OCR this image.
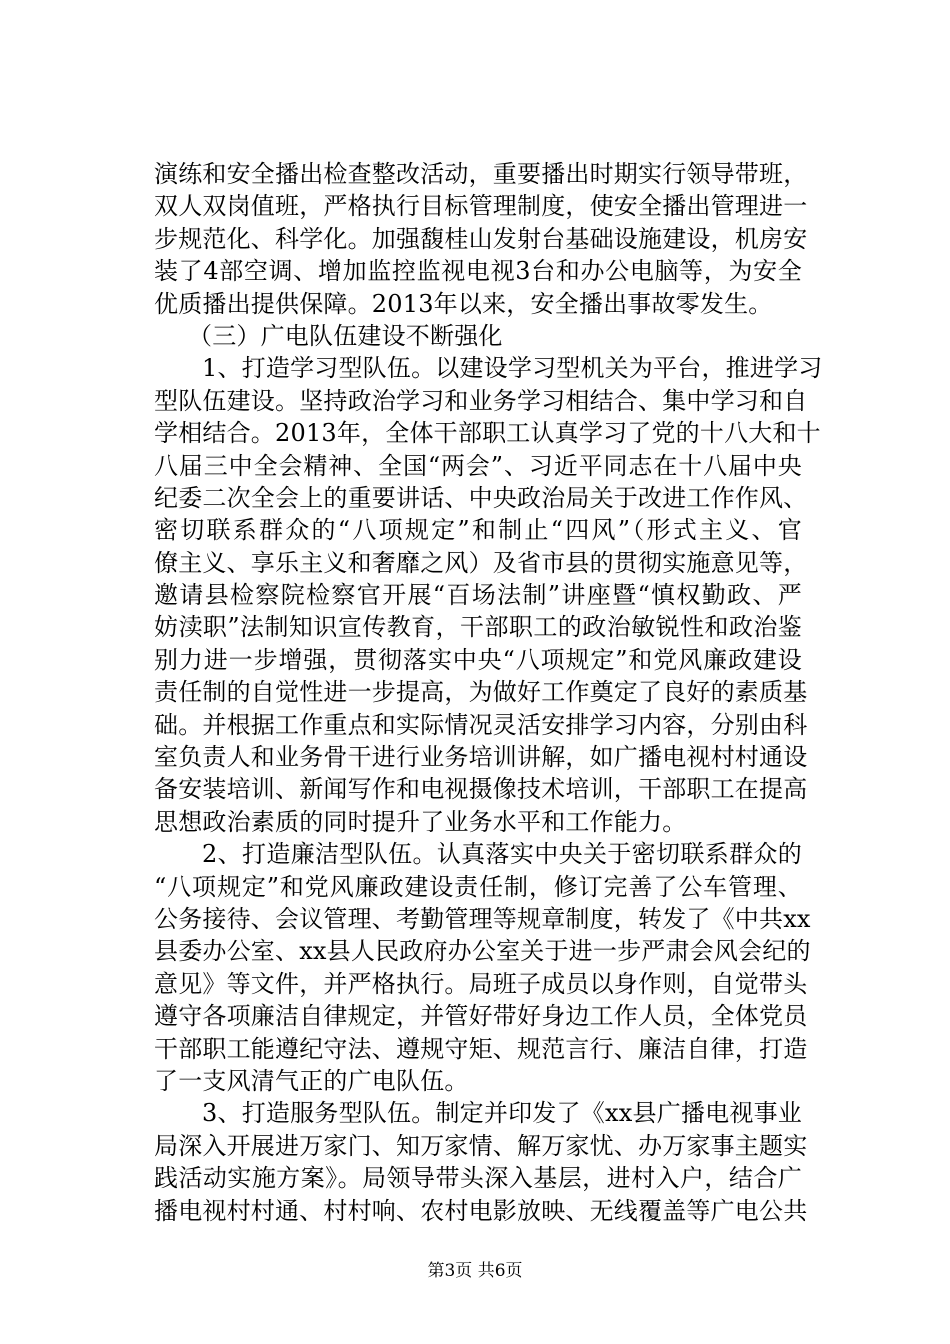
演练和安全播出检查整改活动，重要播出时期实行领导带班，
双人双岗值班，严格执行目标管理制度，使安全播出管理进一
步规范化、科学化。加强馥桂山发射台基础设施建设，机房安
装了4部空调、增加监控监视电视3台和办公电脑等，为安全
优质播出提供保障。2013年以来，安全播出事故零发生。
（三）广电队伍建设不断强化
1、打造学习型队伍。以建设学习型机关为平台，推进学习
型队伍建设。坚持政治学习和业务学习相结合、集中学习和自
学相结合。2013年，全体干部职工认真学习了党的十八大和十
八届三中全会精神、全国“两会”、习近平同志在十八届中央
纪委二次全会上的重要讲话、中央政治局关于改进工作作风、
密切联系群众的“八项规定”和制止“四风”（形式主义、官
僚主义、享乐主义和奢靡之风）及省市县的贯彻实施意见等，
邀请县检察院检察官开展“百场法制”讲座暨“慎权勤政、严
妨渎职”法制知识宣传教育，干部职工的政治敏锐性和政治鉴
别力进一步增强，贯彻落实中央“八项规定”和党风廉政建设
责任制的自觉性进一步提高，为做好工作奠定了良好的素质基
础。并根据工作重点和实际情况灵活安排学习内容，分别由科
室负责人和业务骨干进行业务培训讲解，如广播电视村村通设
备安装培训、新闻写作和电视摄像技术培训，干部职工在提高
思想政治素质的同时提升了业务水平和工作能力。
2、打造廉洁型队伍。认真落实中央关于密切联系群众的
“八项规定”和党风廉政建设责任制，修订完善了公车管理、
公务接待、会议管理、考勤管理等规章制度，转发了《中共xx
县委办公室、xx县人民政府办公室关于进一步严肃会风会纪的
意见》等文件，并严格执行。局班子成员以身作则，自觉带头
遵守各项廉洁自律规定，并管好带好身边工作人员，全体党员
干部职工能遵纪守法、遵规守矩、规范言行、廉洁自律，打造
了一支风清气正的广电队伍。
3、打造服务型队伍。制定并印发了《xx县广播电视事业
局深入开展进万家门、知万家情、解万家忧、办万家事主题实
践活动实施方案》。局领导带头深入基层，进村入户，结合广
播电视村村通、村村响、农村电影放映、无线覆盖等广电公共
第3页 共6页
